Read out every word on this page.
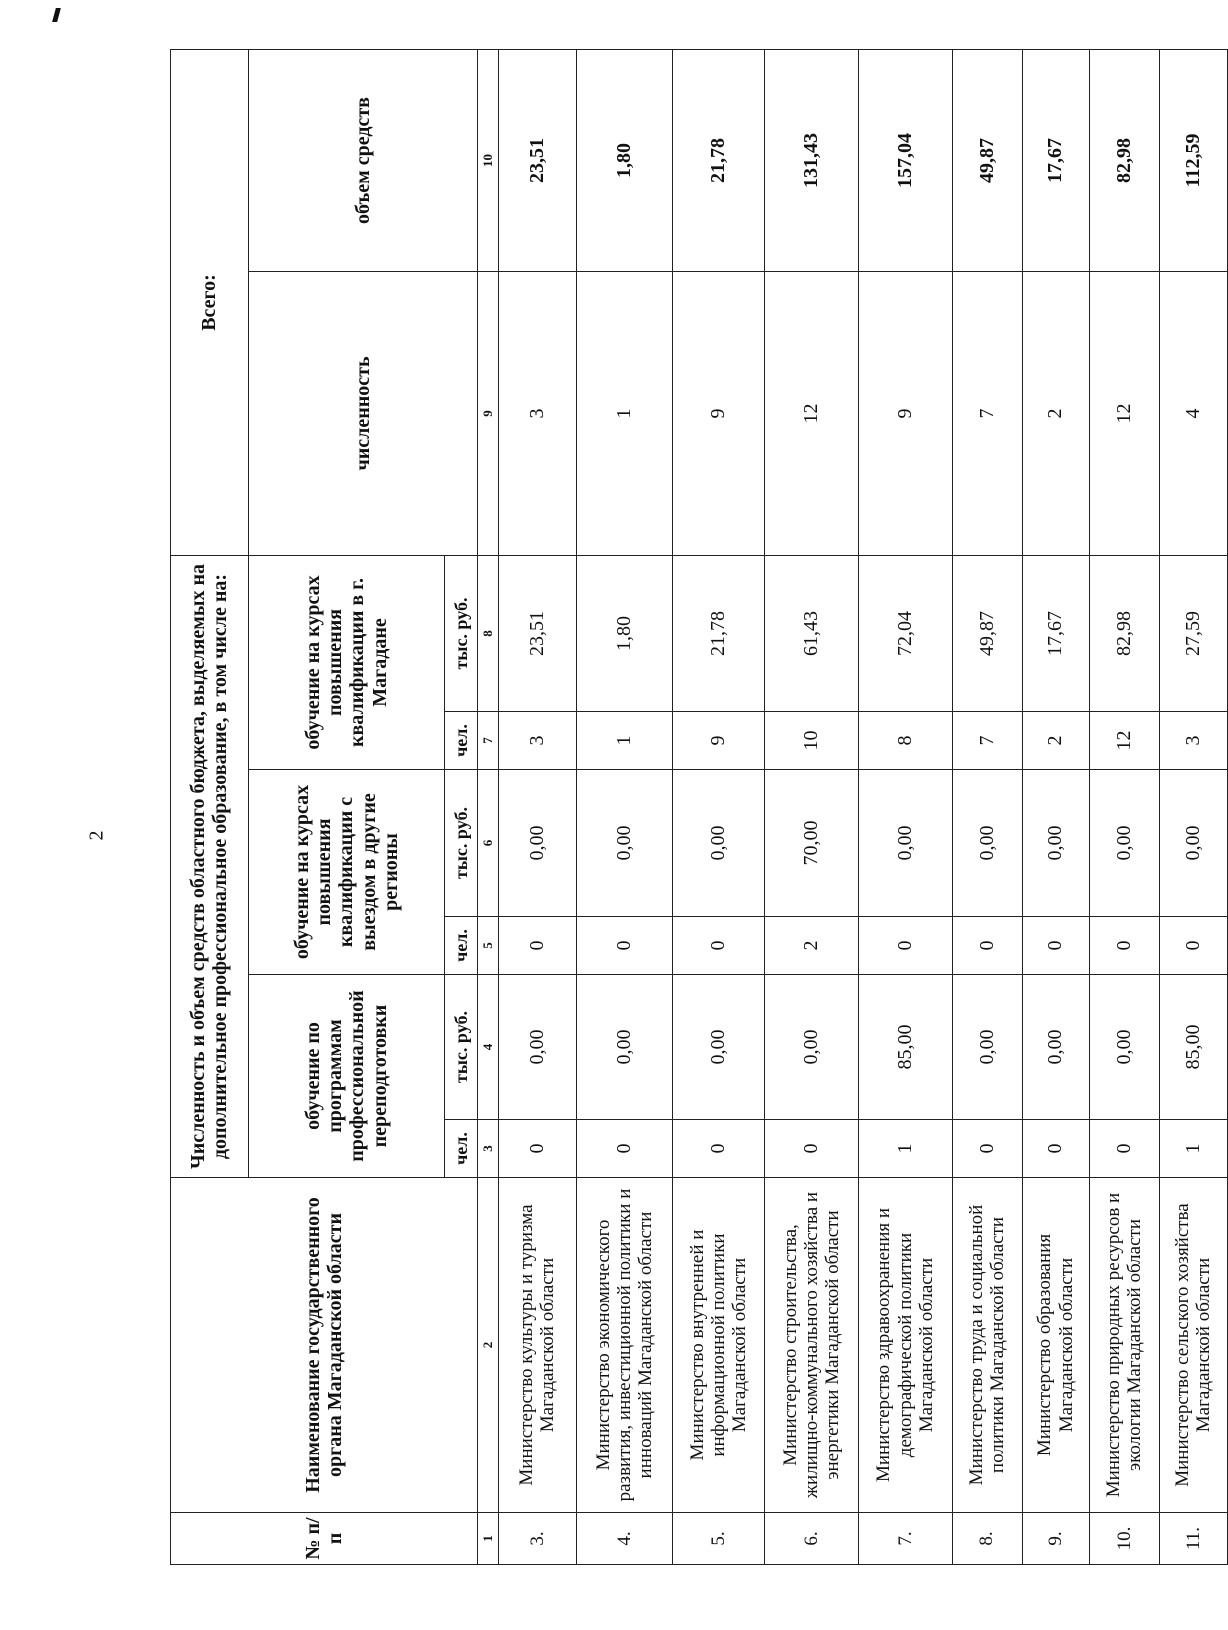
2
№ п/п	Наименование государственного органа Магаданской области	Численность и объем средств областного бюджета, выделяемых на дополнительное профессиональное образование, в том числе на:						Всего:	
		обучение по программам профессиональной переподготовки		обучение на курсах повышения квалификации с выездом в другие регионы		обучение на курсах повышения квалификации в г. Магадане		численность	объем средств
		чел.	тыс. руб.	чел.	тыс. руб.	чел.	тыс. руб.		
1	2	3	4	5	6	7	8	9	10
3.	Министерство культуры и туризма Магаданской области	0	0,00	0	0,00	3	23,51	3	23,51
4.	Министерство экономического развития, инвестиционной политики и инноваций Магаданской области	0	0,00	0	0,00	1	1,80	1	1,80
5.	Министерство внутренней и информационной политики Магаданской области	0	0,00	0	0,00	9	21,78	9	21,78
6.	Министерство строительства, жилищно-коммунального хозяйства и энергетики Магаданской области	0	0,00	2	70,00	10	61,43	12	131,43
7.	Министерство здравоохранения и демографической политики Магаданской области	1	85,00	0	0,00	8	72,04	9	157,04
8.	Министерство труда и социальной политики Магаданской области	0	0,00	0	0,00	7	49,87	7	49,87
9.	Министерство образования Магаданской области	0	0,00	0	0,00	2	17,67	2	17,67
10.	Министерство природных ресурсов и экологии Магаданской области	0	0,00	0	0,00	12	82,98	12	82,98
11.	Министерство сельского хозяйства Магаданской области	1	85,00	0	0,00	3	27,59	4	112,59
